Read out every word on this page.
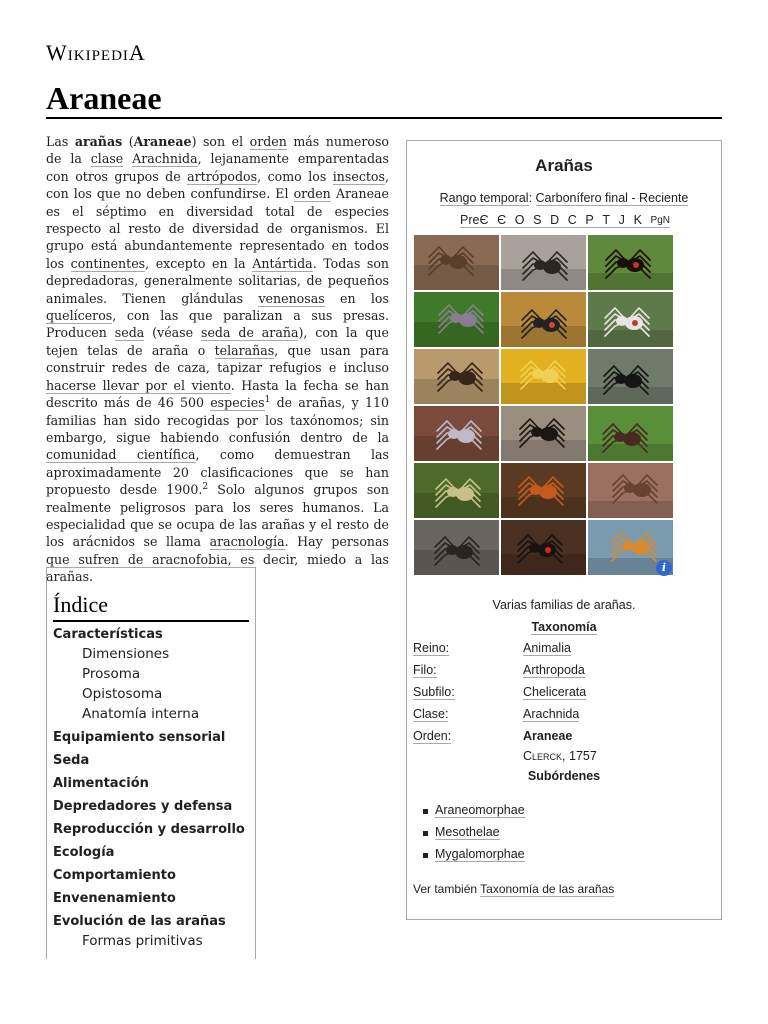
WikipediA
Araneae

Las arañas (Araneae) son el orden más numeroso de la clase Arachnida, lejanamente emparentadas con otros grupos de artrópodos, como los insectos, con los que no deben confundirse. El orden Araneae es el séptimo en diversidad total de especies respecto al resto de diversidad de organismos. El grupo está abundantemente representado en todos los continentes, excepto en la Antártida. Todas son depredadoras, generalmente solitarias, de pequeños animales. Tienen glándulas venenosas en los quelíceros, con las que paralizan a sus presas. Producen seda (véase seda de araña), con la que tejen telas de araña o telarañas, que usan para construir redes de caza, tapizar refugios e incluso hacerse llevar por el viento. Hasta la fecha se han descrito más de 46 500 especies$^1$ de arañas, y 110 familias han sido recogidas por los taxónomos; sin embargo, sigue habiendo confusión dentro de la comunidad científica, como demuestran las aproximadamente 20 clasificaciones que se han propuesto desde 1900.$^2$ Solo algunos grupos son realmente peligrosos para los seres humanos. La especialidad que se ocupa de las arañas y el resto de los arácnidos se llama aracnología. Hay personas que sufren de aracnofobia, es decir, miedo a las arañas.

Índice
Características
Dimensiones
Prosoma
Opistosoma
Anatomía interna
Equipamiento sensorial
Seda
Alimentación
Depredadores y defensa
Reproducción y desarrollo
Ecología
Comportamiento
Envenenamiento
Evolución de las arañas
Formas primitivas
Arañas
Rango temporal: Carbonífero final - Reciente
PreЄ Є O S D C P T J K PgN
i
Varias familias de arañas.
Taxonomía
Reino:	Animalia
Filo:	Arthropoda
Subfilo:	Chelicerata
Clase:	Arachnida
Orden:	Araneae
Clerck, 1757
Subórdenes
Araneomorphae
Mesothelae
Mygalomorphae
Ver también Taxonomía de las arañas
